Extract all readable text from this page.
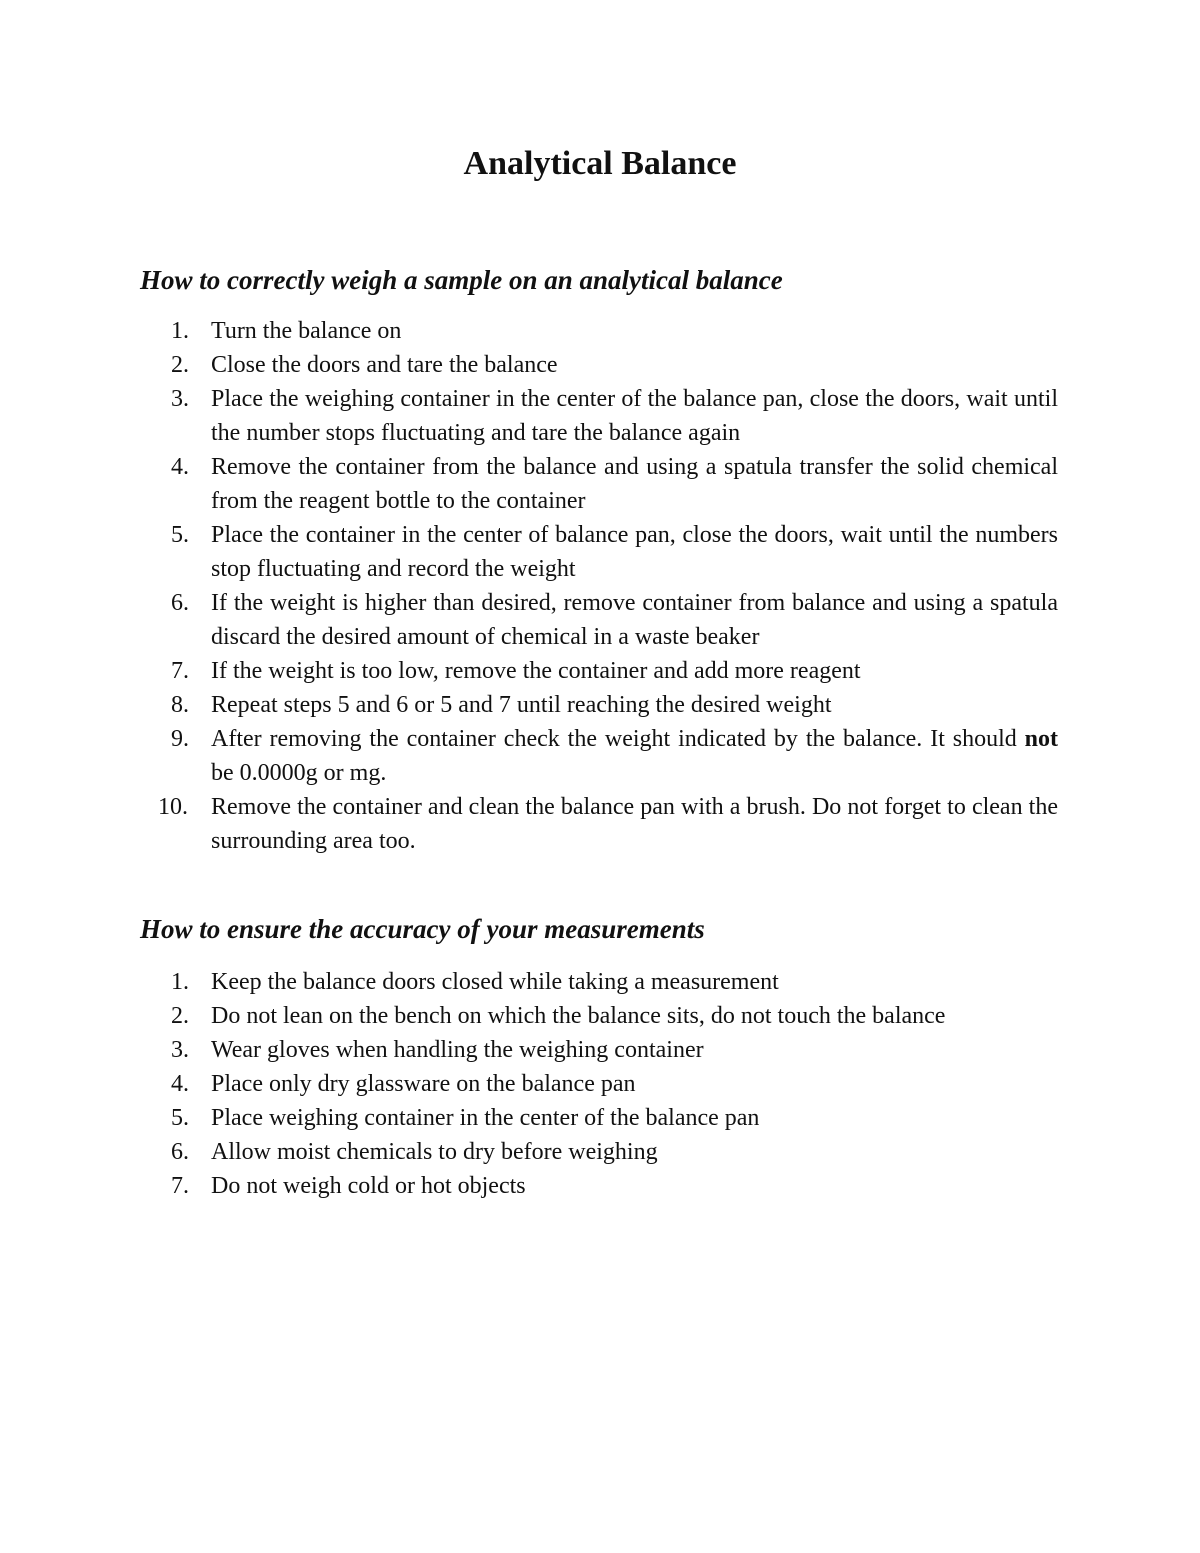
Analytical Balance
How to correctly weigh a sample on an analytical balance
1. Turn the balance on
2. Close the doors and tare the balance
3. Place the weighing container in the center of the balance pan, close the doors, wait until the number stops fluctuating and tare the balance again
4. Remove the container from the balance and using a spatula transfer the solid chemical from the reagent bottle to the container
5. Place the container in the center of balance pan, close the doors, wait until the numbers stop fluctuating and record the weight
6. If the weight is higher than desired, remove container from balance and using a spatula discard the desired amount of chemical in a waste beaker
7. If the weight is too low, remove the container and add more reagent
8. Repeat steps 5 and 6 or 5 and 7 until reaching the desired weight
9. After removing the container check the weight indicated by the balance. It should not be 0.0000g or mg.
10. Remove the container and clean the balance pan with a brush. Do not forget to clean the surrounding area too.
How to ensure the accuracy of your measurements
1. Keep the balance doors closed while taking a measurement
2. Do not lean on the bench on which the balance sits, do not touch the balance
3. Wear gloves when handling the weighing container
4. Place only dry glassware on the balance pan
5. Place weighing container in the center of the balance pan
6. Allow moist chemicals to dry before weighing
7. Do not weigh cold or hot objects
